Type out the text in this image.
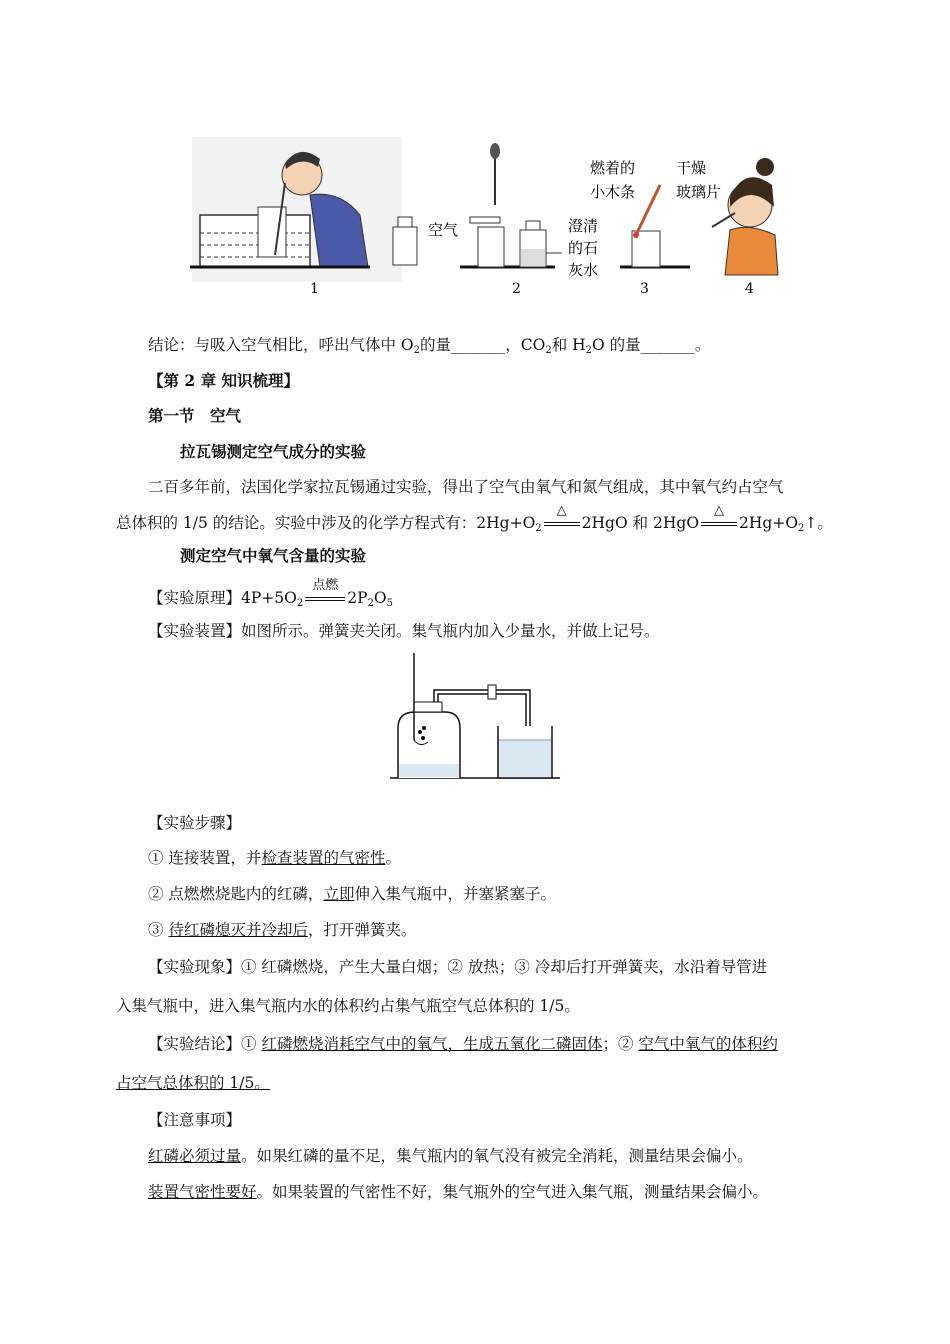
空气	澄清的石灰水
燃着的小木条
干燥玻璃片
1	2	3	4
结论：与吸入空气相比，呼出气体中 $O_2$的量_______，$CO_2$和 $H_2O$ 的量_______。
【第 2 章 知识梳理】
第一节　空气
拉瓦锡测定空气成分的实验
二百多年前，法国化学家拉瓦锡通过实验，得出了空气由氧气和氮气组成，其中氧气约占空气
总体积的 1/5 的结论。实验中涉及的化学方程式有：$2Hg+O_2$
△
2HgO 和 2HgO
△
$2Hg+O_2↑$。
测定空气中氧气含量的实验
【实验原理】$4P+5O_2$
点燃
$2P_2O_5$
【实验装置】如图所示。弹簧夹关闭。集气瓶内加入少量水，并做上记号。
【实验步骤】
① 连接装置，并检查装置的气密性。
② 点燃燃烧匙内的红磷，立即伸入集气瓶中，并塞紧塞子。
③ 待红磷熄灭并冷却后，打开弹簧夹。
【实验现象】① 红磷燃烧，产生大量白烟；② 放热；③ 冷却后打开弹簧夹，水沿着导管进
入集气瓶中，进入集气瓶内水的体积约占集气瓶空气总体积的 1/5。
【实验结论】① 红磷燃烧消耗空气中的氧气，生成五氧化二磷固体；② 空气中氧气的体积约
占空气总体积的 1/5。
【注意事项】
红磷必须过量。如果红磷的量不足，集气瓶内的氧气没有被完全消耗，测量结果会偏小。
装置气密性要好。如果装置的气密性不好，集气瓶外的空气进入集气瓶，测量结果会偏小。
